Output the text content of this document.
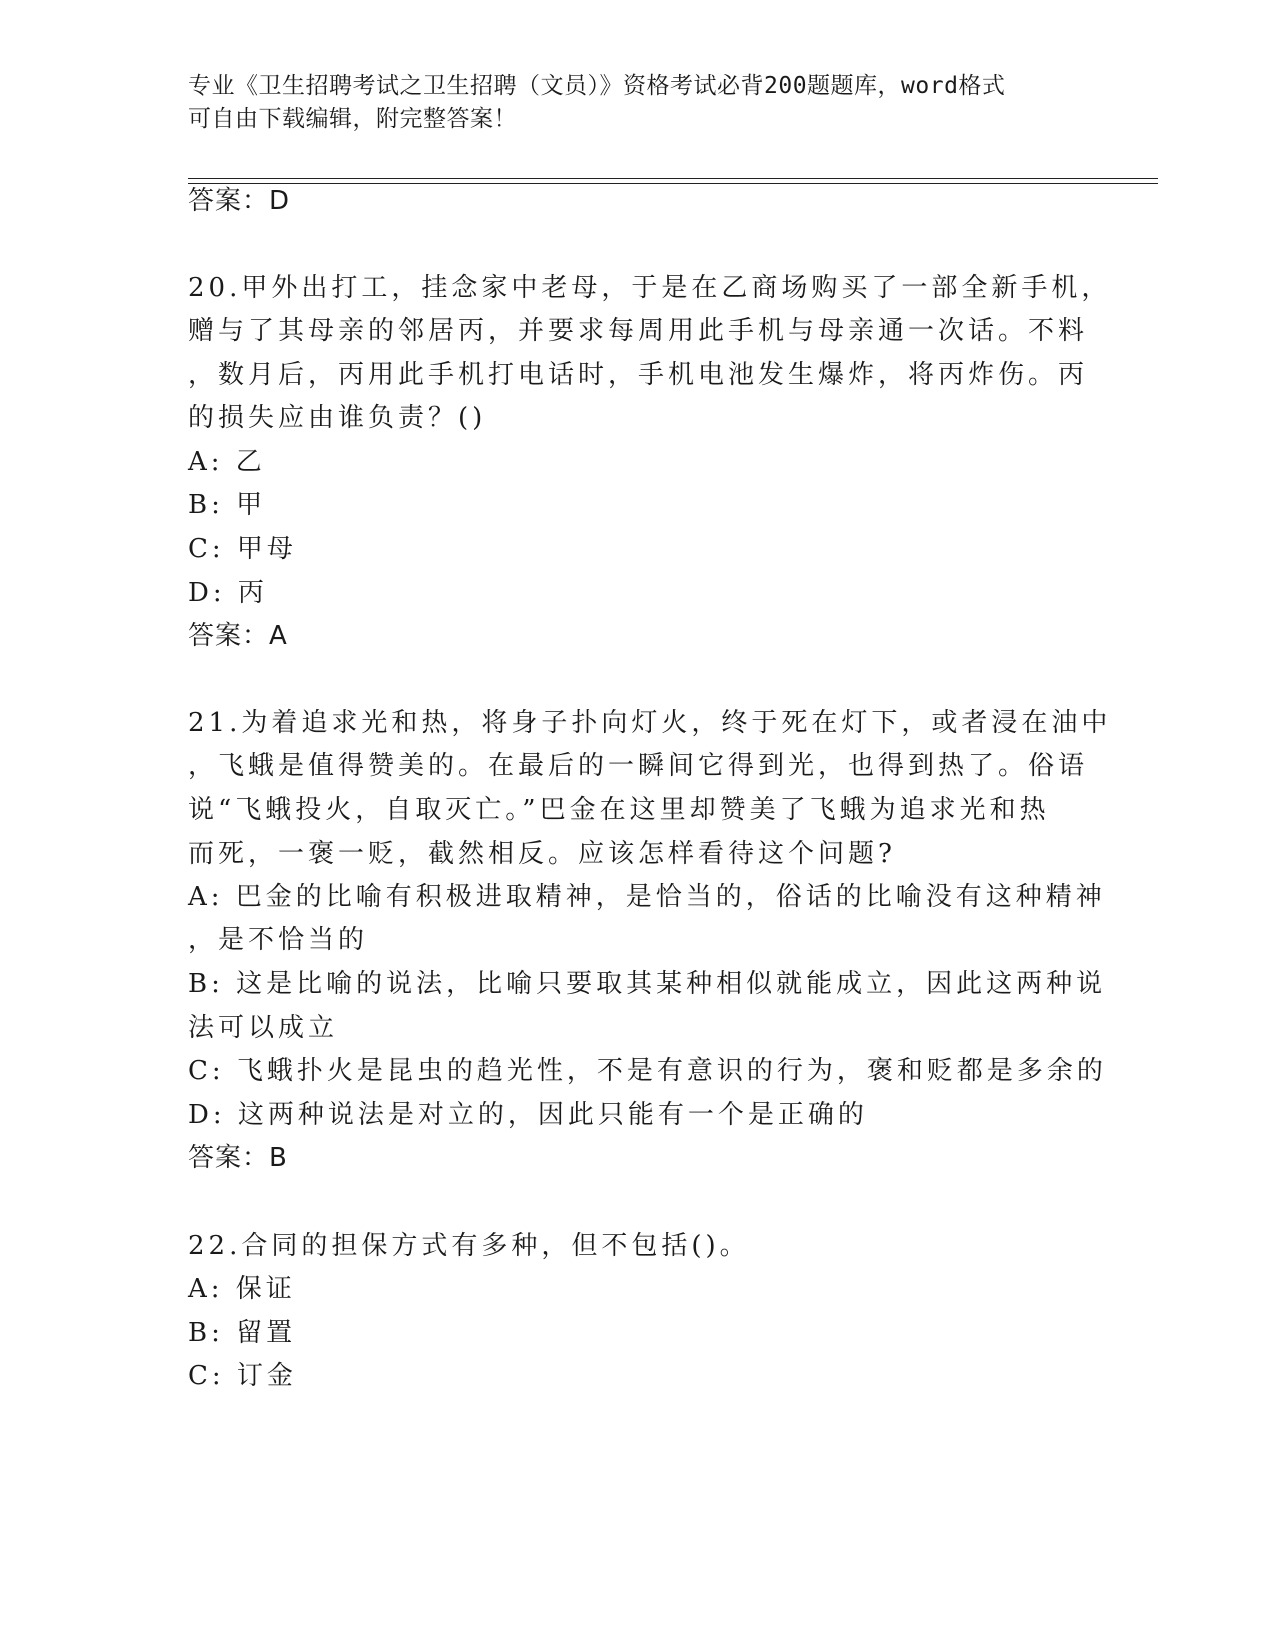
专业《卫生招聘考试之卫生招聘（文员）》资格考试必背200题题库，word格式
可自由下载编辑，附完整答案！
答案：D
20.甲外出打工，挂念家中老母，于是在乙商场购买了一部全新手机，
赠与了其母亲的邻居丙，并要求每周用此手机与母亲通一次话。不料
，数月后，丙用此手机打电话时，手机电池发生爆炸，将丙炸伤。丙
的损失应由谁负责？()
A: 乙
B: 甲
C: 甲母
D: 丙
答案：A
21.为着追求光和热，将身子扑向灯火，终于死在灯下，或者浸在油中
，飞蛾是值得赞美的。在最后的一瞬间它得到光，也得到热了。俗语
说“飞蛾投火，自取灭亡。”巴金在这里却赞美了飞蛾为追求光和热
而死，一褒一贬，截然相反。应该怎样看待这个问题?
A: 巴金的比喻有积极进取精神，是恰当的，俗话的比喻没有这种精神
，是不恰当的
B: 这是比喻的说法，比喻只要取其某种相似就能成立，因此这两种说
法可以成立
C: 飞蛾扑火是昆虫的趋光性，不是有意识的行为，褒和贬都是多余的
D: 这两种说法是对立的，因此只能有一个是正确的
答案：B
22.合同的担保方式有多种，但不包括()。
A: 保证
B: 留置
C: 订金
